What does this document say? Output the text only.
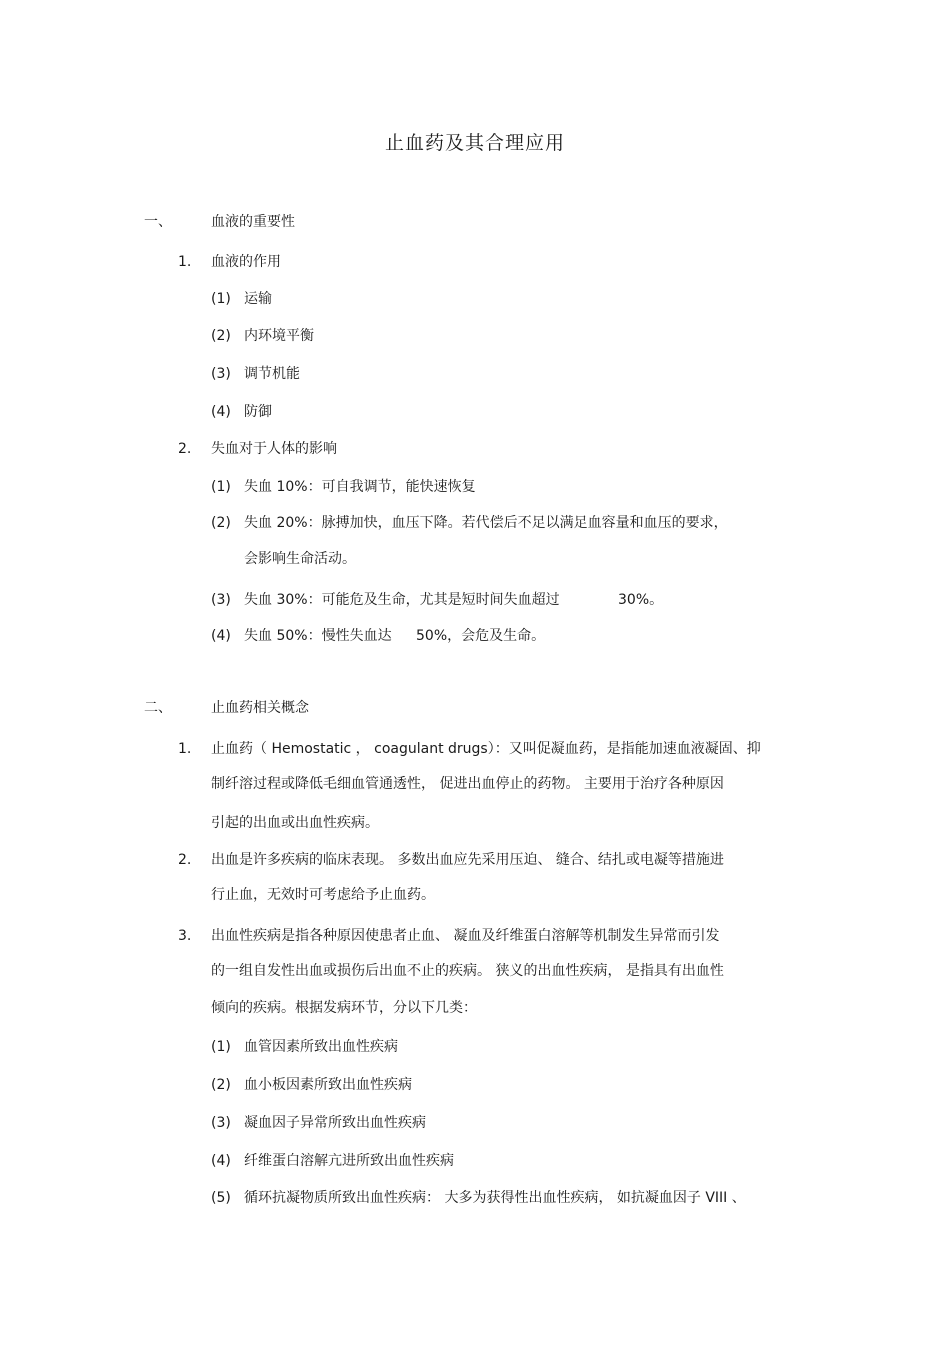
止血药及其合理应用
一、	血液的重要性
1. 血液的作用
(1) 运输
(2) 内环境平衡
(3) 调节机能
(4) 防御
2. 失血对于人体的影响
(1) 失血 10%：可自我调节，能快速恢复
(2) 失血 20%：脉搏加快，血压下降。若代偿后不足以满足血容量和血压的要求，
会影响生命活动。
(3) 失血 30%：可能危及生命，尤其是短时间失血超过	30%。
(4) 失血 50%：慢性失血达 50%，会危及生命。
二、	止血药相关概念
1. 止血药（ Hemostatic ， coagulant drugs）：又叫促凝血药，是指能加速血液凝固、抑
制纤溶过程或降低毛细血管通透性， 促进出血停止的药物。 主要用于治疗各种原因
引起的出血或出血性疾病。
2. 出血是许多疾病的临床表现。 多数出血应先采用压迫、 缝合、结扎或电凝等措施进
行止血，无效时可考虑给予止血药。
3. 出血性疾病是指各种原因使患者止血、 凝血及纤维蛋白溶解等机制发生异常而引发
的一组自发性出血或损伤后出血不止的疾病。 狭义的出血性疾病， 是指具有出血性
倾向的疾病。根据发病环节，分以下几类：
(1) 血管因素所致出血性疾病
(2) 血小板因素所致出血性疾病
(3) 凝血因子异常所致出血性疾病
(4) 纤维蛋白溶解亢进所致出血性疾病
(5) 循环抗凝物质所致出血性疾病： 大多为获得性出血性疾病， 如抗凝血因子 VIII 、
